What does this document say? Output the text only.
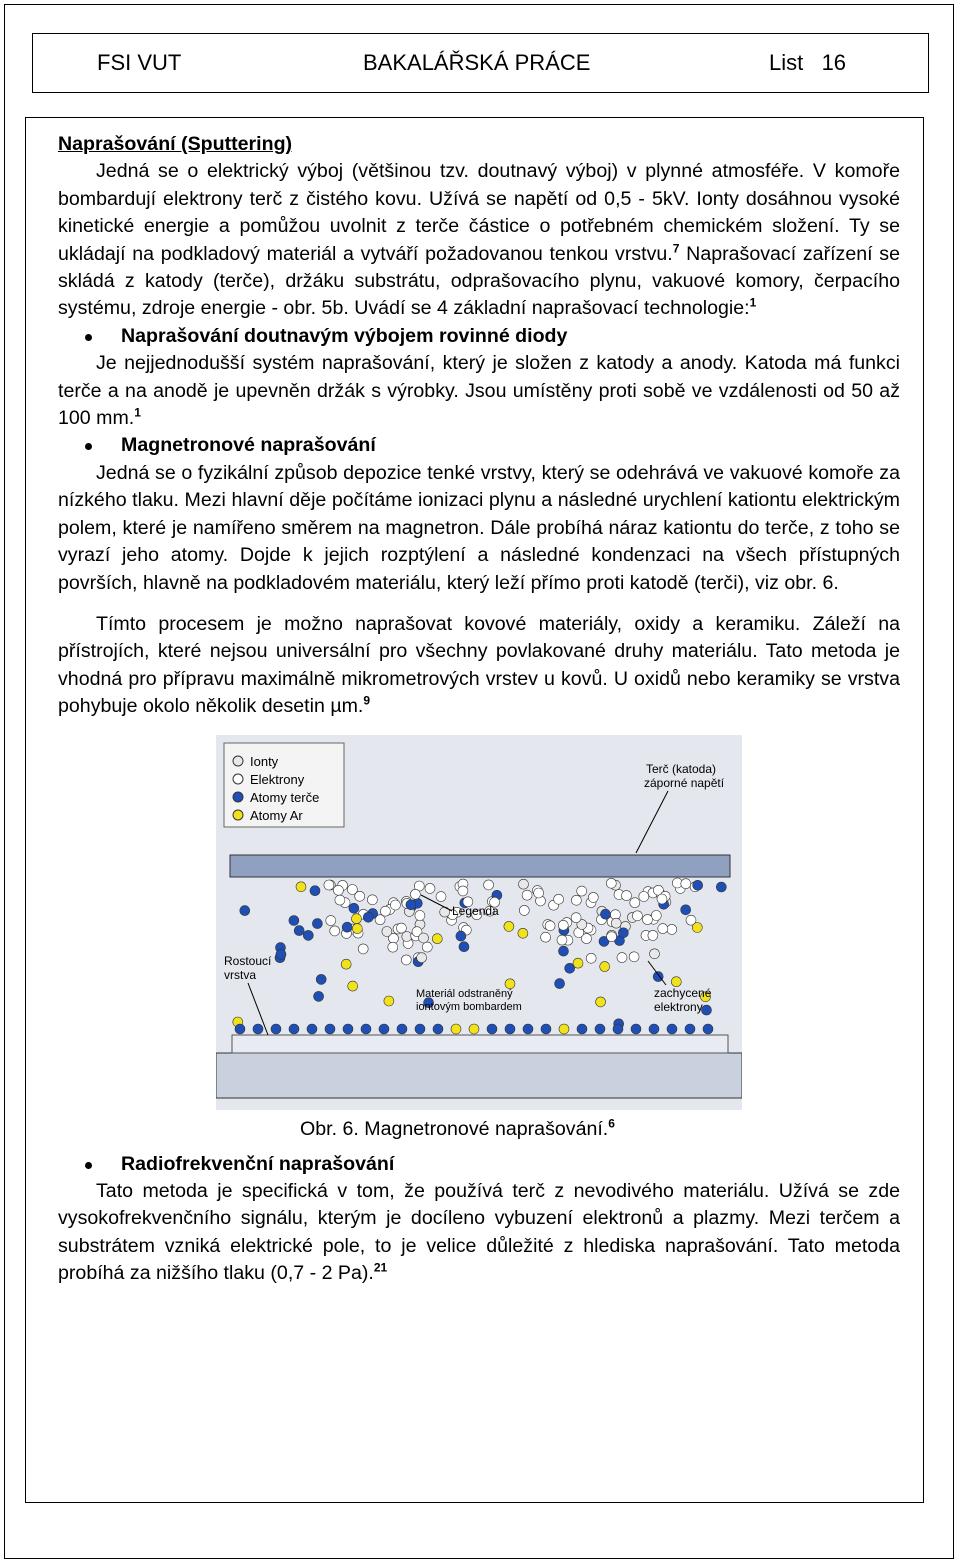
FSI VUT	BAKALÁŘSKÁ PRÁCE	List   16

Naprašování (Sputtering)

Jedná se o elektrický výboj (většinou tzv. doutnavý výboj) v plynné atmosféře. V komoře bombardují elektrony terč z čistého kovu. Užívá se napětí od 0,5 - 5kV. Ionty dosáhnou vysoké kinetické energie a pomůžou uvolnit z terče částice o potřebném chemickém složení. Ty se ukládají na podkladový materiál a vytváří požadovanou tenkou vrstvu.$^7$ Naprašovací zařízení se skládá z katody (terče), držáku substrátu, odprašovacího plynu, vakuové komory, čerpacího systému, zdroje energie - obr. 5b. Uvádí se 4 základní naprašovací technologie:$^1$

Naprašování doutnavým výbojem rovinné diody

Je nejjednodušší systém naprašování, který je složen z katody a anody. Katoda má funkci terče a na anodě je upevněn držák s výrobky. Jsou umístěny proti sobě ve vzdálenosti od 50 až 100 mm.$^1$

Magnetronové naprašování

Jedná se o fyzikální způsob depozice tenké vrstvy, který se odehrává ve vakuové komoře za nízkého tlaku. Mezi hlavní děje počítáme ionizaci plynu a následné urychlení kationtu elektrickým polem, které je namířeno směrem na magnetron. Dále probíhá náraz kationtu do terče, z toho se vyrazí jeho atomy. Dojde k jejich rozptýlení a následné kondenzaci na všech přístupných površích, hlavně na podkladovém materiálu, který leží přímo proti katodě (terči), viz obr. 6.

Tímto procesem je možno naprašovat kovové materiály, oxidy a keramiku. Záleží na přístrojích, které nejsou universální pro všechny povlakované druhy materiálu. Tato metoda je vhodná pro přípravu maximálně mikrometrových vrstev u kovů. U oxidů nebo keramiky se vrstva pohybuje okolo několik desetin µm.$^9$

Ionty
Elektrony
Atomy terče
Atomy Ar
Terč (katoda)
záporné napětí
Legenda
Rostoucí
vrstva
Materiál odstraněný
iontovým bombardem
zachycené
elektrony
Obr. 6. Magnetronové naprašování.$^6$

Radiofrekvenční naprašování

Tato metoda je specifická v tom, že používá terč z nevodivého materiálu. Užívá se zde vysokofrekvenčního signálu, kterým je docíleno vybuzení elektronů a plazmy. Mezi terčem a substrátem vzniká elektrické pole, to je velice důležité z hlediska naprašování. Tato metoda probíhá za nižšího tlaku (0,7 - 2 Pa).$^{21}$
